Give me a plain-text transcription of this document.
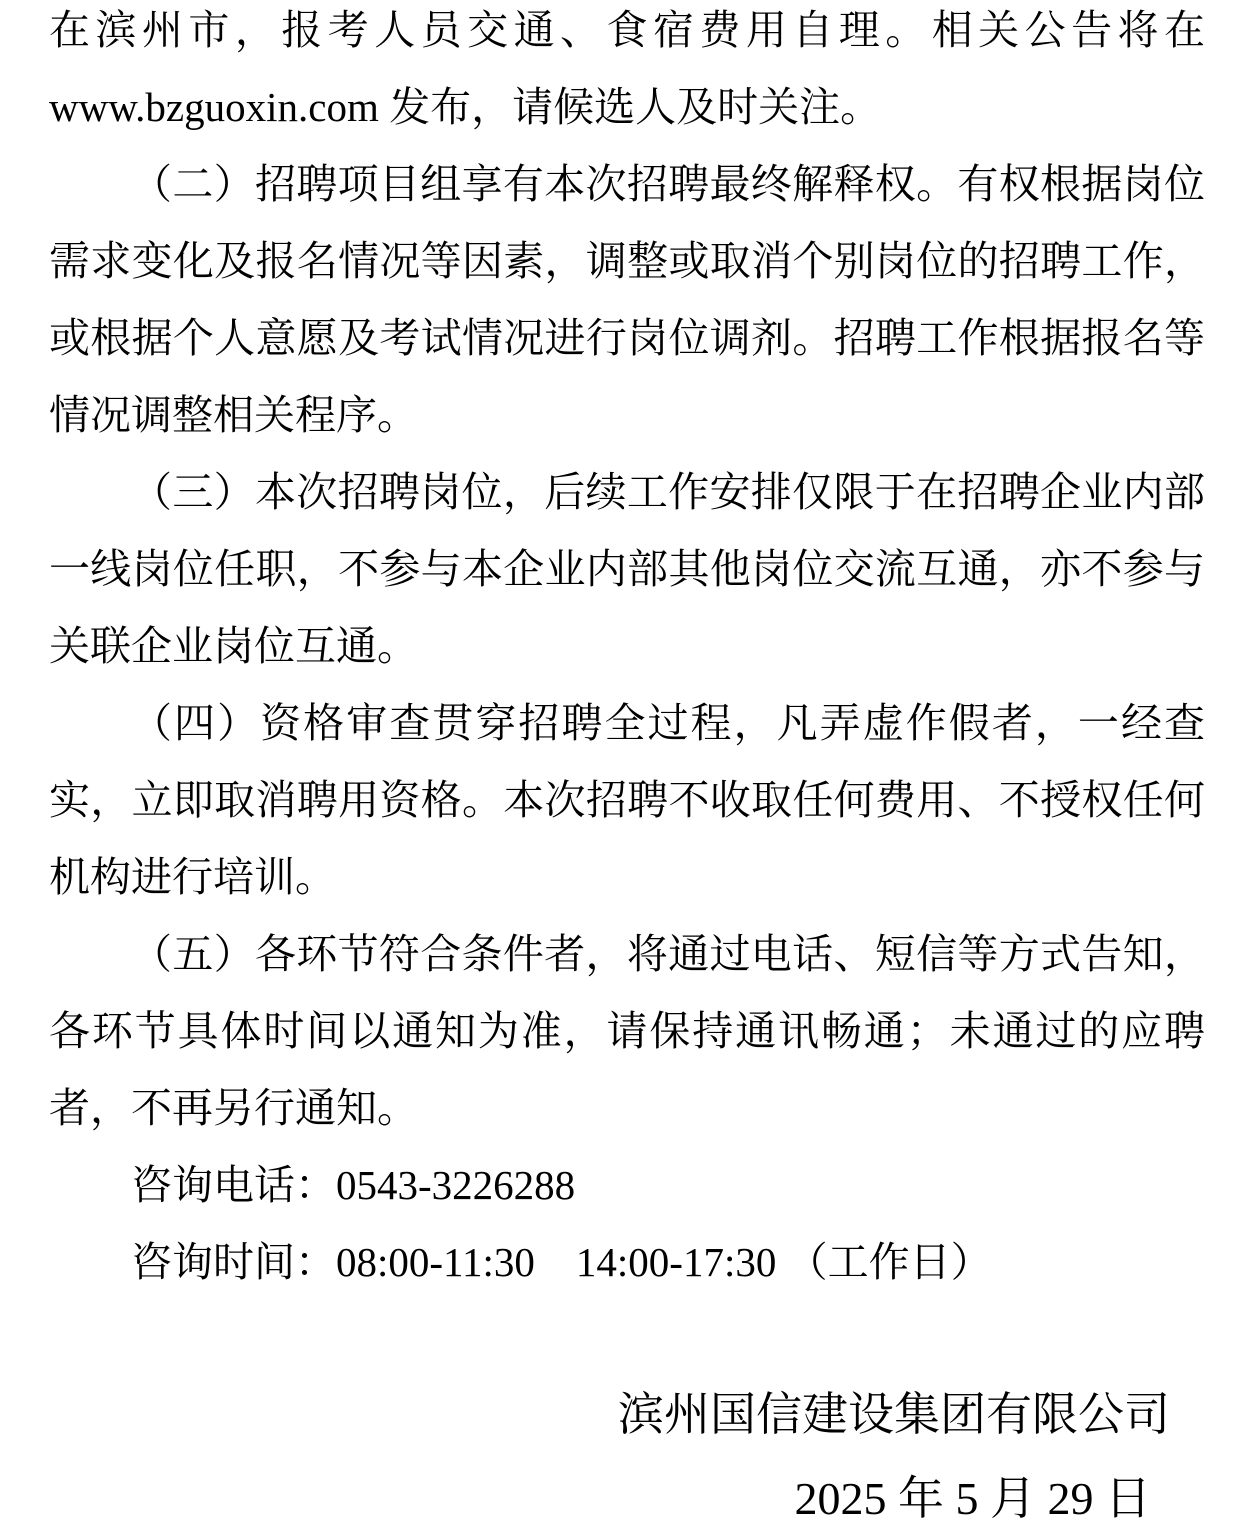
在滨州市，报考人员交通、食宿费用自理。相关公告将在www.bzguoxin.com 发布，请候选人及时关注。

（二）招聘项目组享有本次招聘最终解释权。有权根据岗位需求变化及报名情况等因素，调整或取消个别岗位的招聘工作，或根据个人意愿及考试情况进行岗位调剂。招聘工作根据报名等情况调整相关程序。

（三）本次招聘岗位，后续工作安排仅限于在招聘企业内部一线岗位任职，不参与本企业内部其他岗位交流互通，亦不参与关联企业岗位互通。

（四）资格审查贯穿招聘全过程，凡弄虚作假者，一经查实，立即取消聘用资格。本次招聘不收取任何费用、不授权任何机构进行培训。

（五）各环节符合条件者，将通过电话、短信等方式告知，各环节具体时间以通知为准，请保持通讯畅通；未通过的应聘者，不再另行通知。

咨询电话：0543-3226288

咨询时间：08:00-11:30　14:00-17:30 （工作日）

滨州国信建设集团有限公司

2025 年 5 月 29 日
